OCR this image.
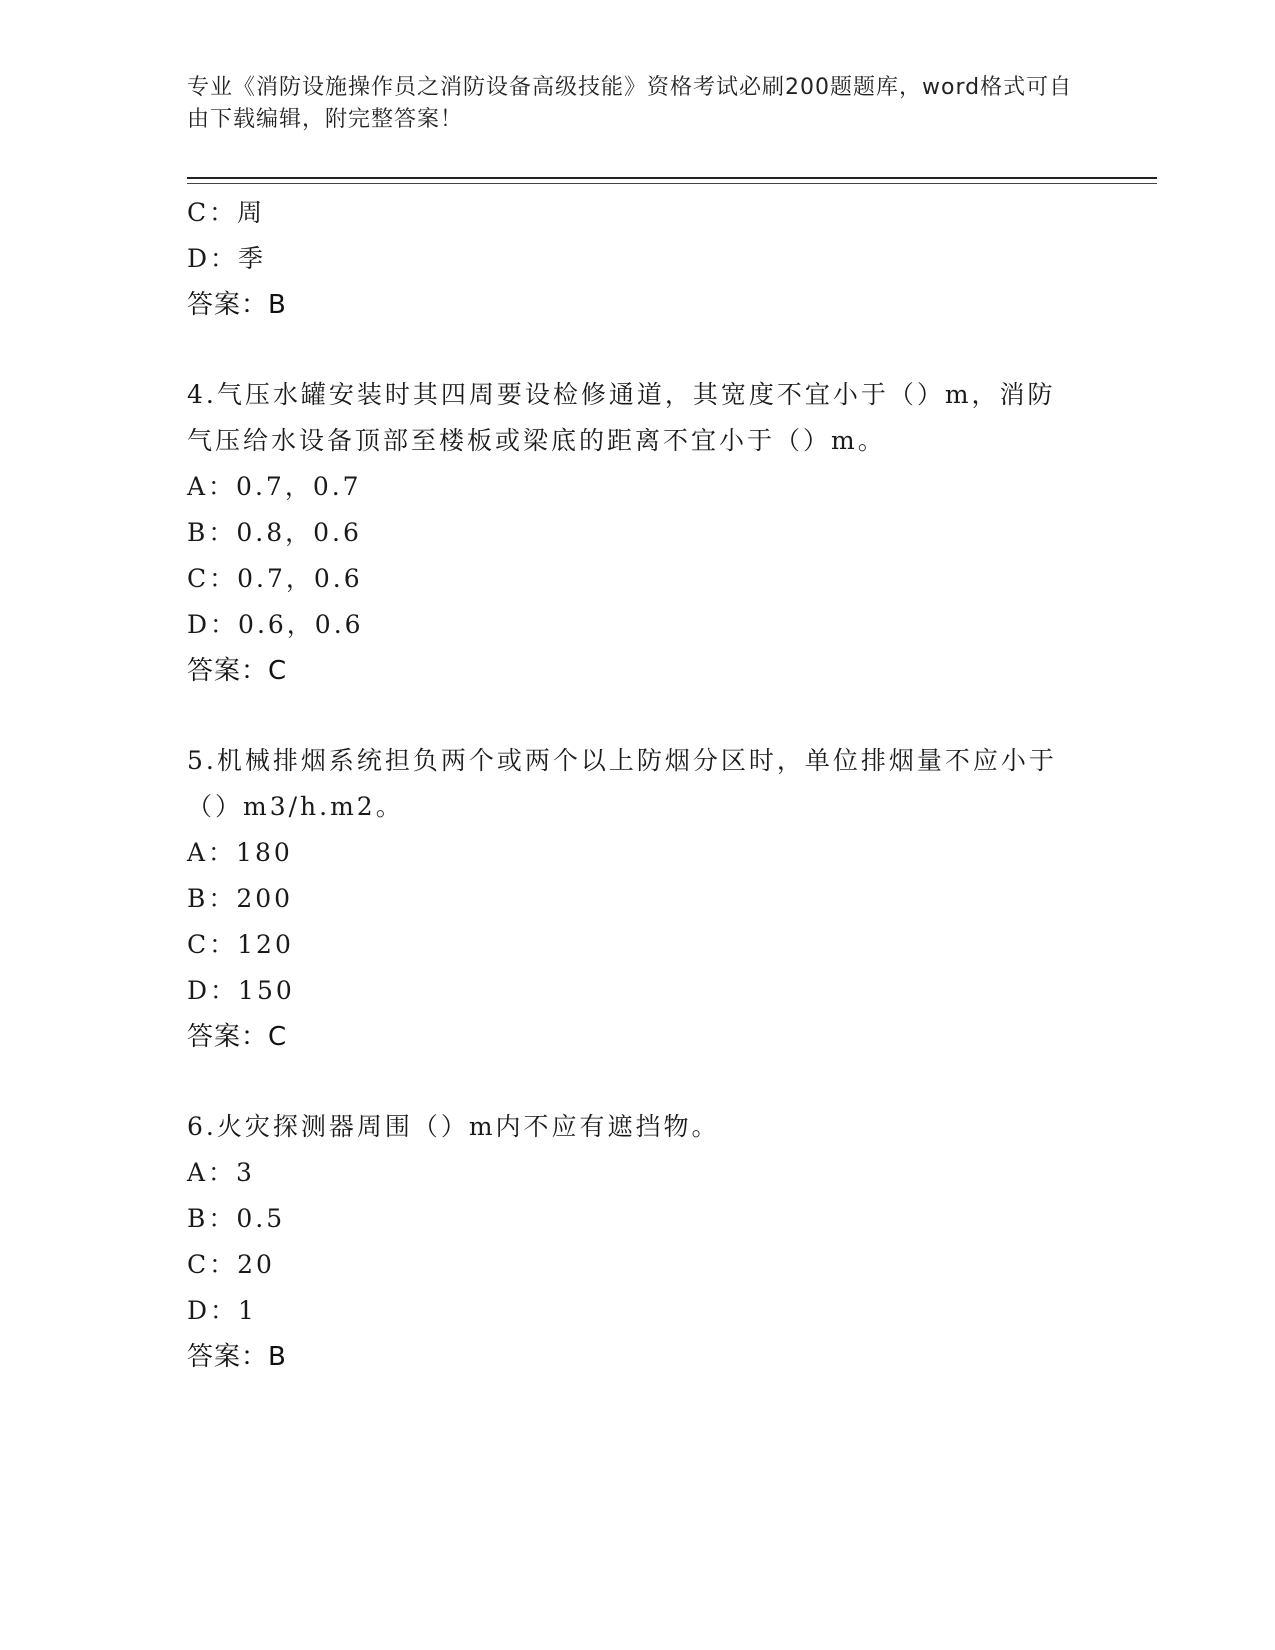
专业《消防设施操作员之消防设备高级技能》资格考试必刷200题题库，word格式可自由下载编辑，附完整答案！
C：周
D：季
答案：B
4.气压水罐安装时其四周要设检修通道，其宽度不宜小于（）m，消防气压给水设备顶部至楼板或梁底的距离不宜小于（）m。
A：0.7，0.7
B：0.8，0.6
C：0.7，0.6
D：0.6，0.6
答案：C
5.机械排烟系统担负两个或两个以上防烟分区时，单位排烟量不应小于（）m3/h.m2。
A：180
B：200
C：120
D：150
答案：C
6.火灾探测器周围（）m内不应有遮挡物。
A：3
B：0.5
C：20
D：1
答案：B
